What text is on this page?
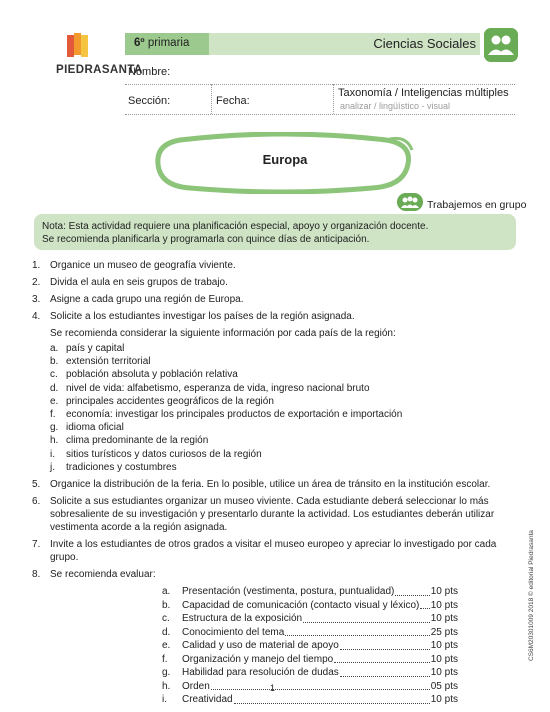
PIEDRASANTA
6º primaria	Ciencias Sociales
Nombre:
Sección:	Fecha:
Taxonomía / Inteligencias múltiples
analizar / lingüístico - visual
Europa
Trabajemos en grupo
Nota: Esta actividad requiere una planificación especial, apoyo y organización docente.
Se recomienda planificarla y programarla con quince días de anticipación.
1. Organice un museo de geografía viviente.
2. Divida el aula en seis grupos de trabajo.
3. Asigne a cada grupo una región de Europa.
4. Solicite a los estudiantes investigar los países de la región asignada.
Se recomienda considerar la siguiente información por cada país de la región:
a. país y capital
b. extensión territorial
c. población absoluta y población relativa
d. nivel de vida: alfabetismo, esperanza de vida, ingreso nacional bruto
e. principales accidentes geográficos de la región
f. economía: investigar los principales productos de exportación e importación
g. idioma oficial
h. clima predominante de la región
i. sitios turísticos y datos curiosos de la región
j. tradiciones y costumbres
5. Organice la distribución de la feria. En lo posible, utilice un área de tránsito en la institución escolar.
6. Solicite a sus estudiantes organizar un museo viviente. Cada estudiante deberá seleccionar lo más sobresaliente de su investigación y presentarlo durante la actividad. Los estudiantes deberán utilizar vestimenta acorde a la región asignada.
7. Invite a los estudiantes de otros grados a visitar el museo europeo y apreciar lo investigado por cada grupo.
8. Se recomienda evaluar:
a. Presentación (vestimenta, postura, puntualidad)	10 pts
b. Capacidad de comunicación (contacto visual y léxico) 10 pts
c. Estructura de la exposición	10 pts
d. Conocimiento del tema	25 pts
e. Calidad y uso de material de apoyo	10 pts
f. Organización y manejo del tiempo	10 pts
g. Habilidad para resolución de dudas	10 pts
h. Orden	05 pts
i. Creatividad	10 pts
1
CS6M20301009 2018 © editorial Piedrasanta
